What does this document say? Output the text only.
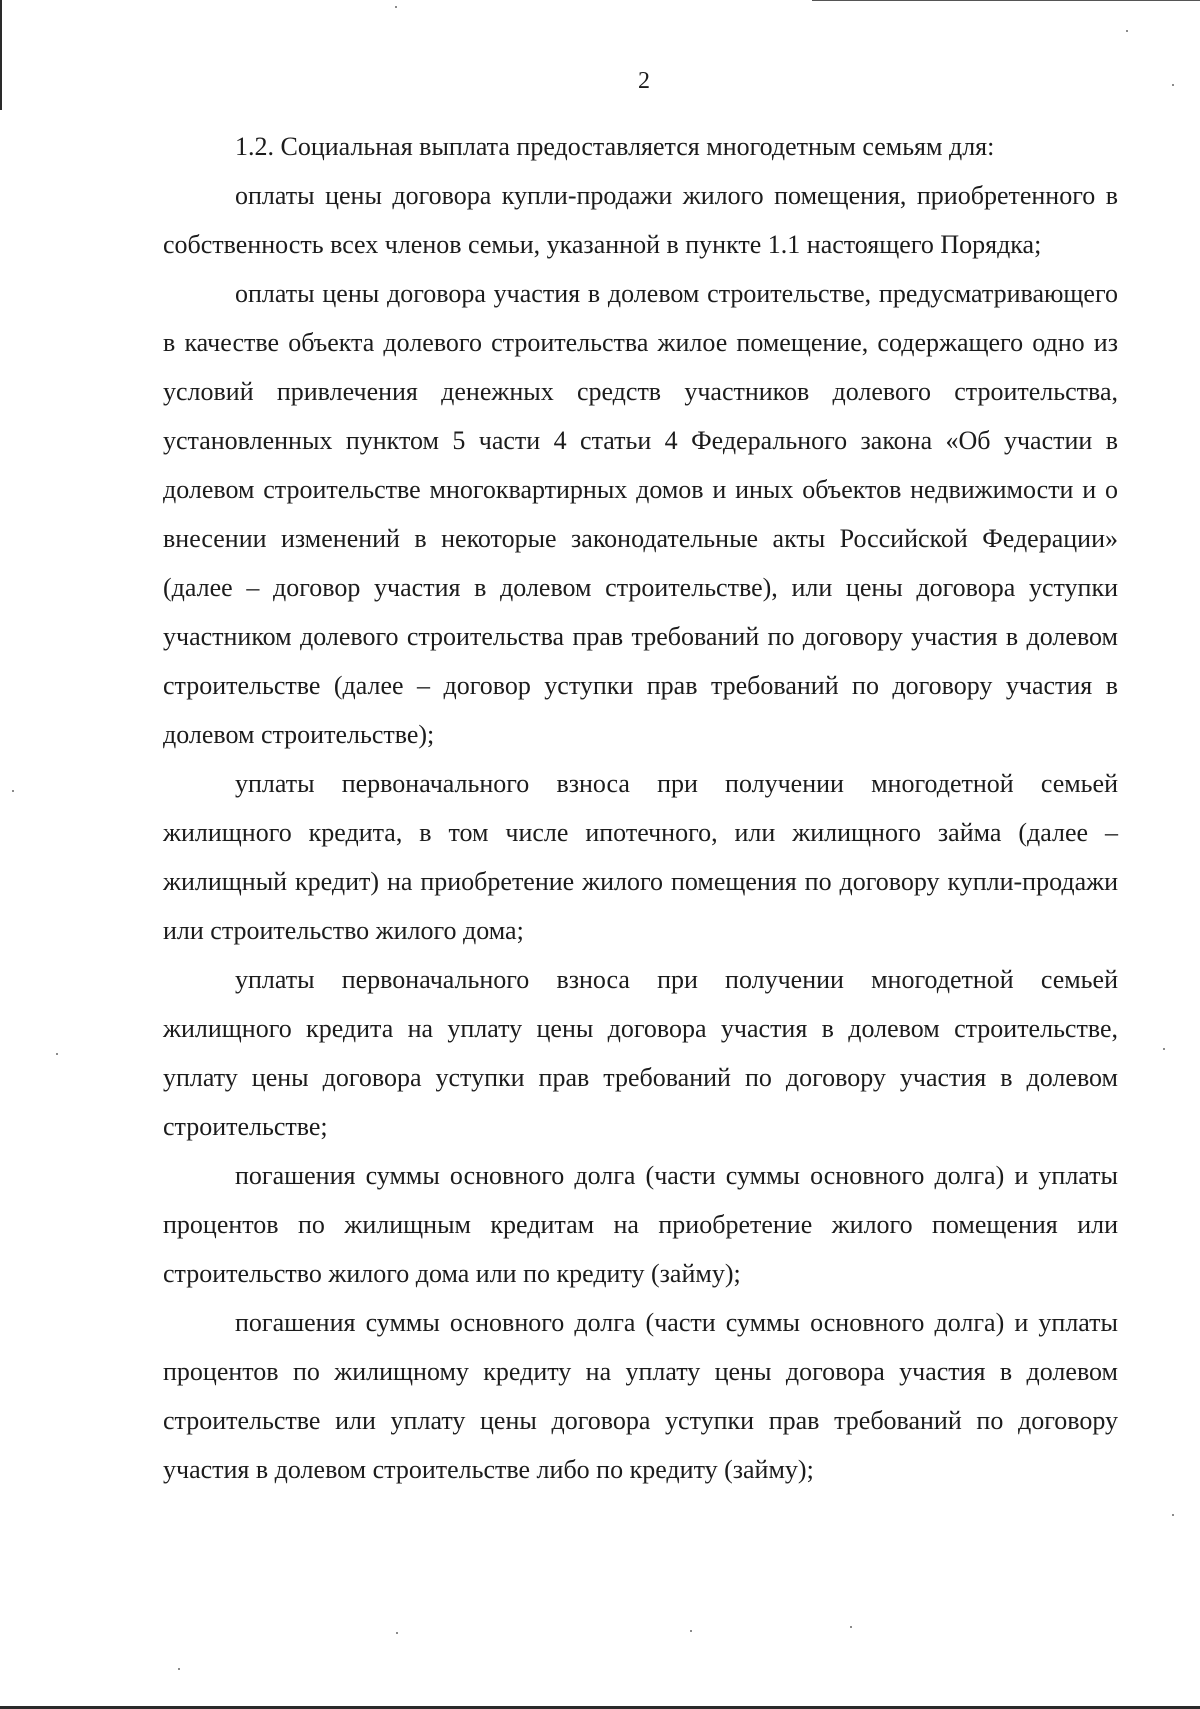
2

1.2. Социальная выплата предоставляется многодетным семьям для:

оплаты цены договора купли-продажи жилого помещения, приобретенного в собственность всех членов семьи, указанной в пункте 1.1 настоящего Порядка;

оплаты цены договора участия в долевом строительстве, предусматривающего в качестве объекта долевого строительства жилое помещение, содержащего одно из условий привлечения денежных средств участников долевого строительства, установленных пунктом 5 части 4 статьи 4 Федерального закона «Об участии в долевом строительстве многоквартирных домов и иных объектов недвижимости и о внесении изменений в некоторые законодательные акты Российской Федерации» (далее – договор участия в долевом строительстве), или цены договора уступки участником долевого строительства прав требований по договору участия в долевом строительстве (далее – договор уступки прав требований по договору участия в долевом строительстве);

уплаты первоначального взноса при получении многодетной семьей жилищного кредита, в том числе ипотечного, или жилищного займа (далее – жилищный кредит) на приобретение жилого помещения по договору купли-продажи или строительство жилого дома;

уплаты первоначального взноса при получении многодетной семьей жилищного кредита на уплату цены договора участия в долевом строительстве, уплату цены договора уступки прав требований по договору участия в долевом строительстве;

погашения суммы основного долга (части суммы основного долга) и уплаты процентов по жилищным кредитам на приобретение жилого помещения или строительство жилого дома или по кредиту (займу);

погашения суммы основного долга (части суммы основного долга) и уплаты процентов по жилищному кредиту на уплату цены договора участия в долевом строительстве или уплату цены договора уступки прав требований по договору участия в долевом строительстве либо по кредиту (займу);
